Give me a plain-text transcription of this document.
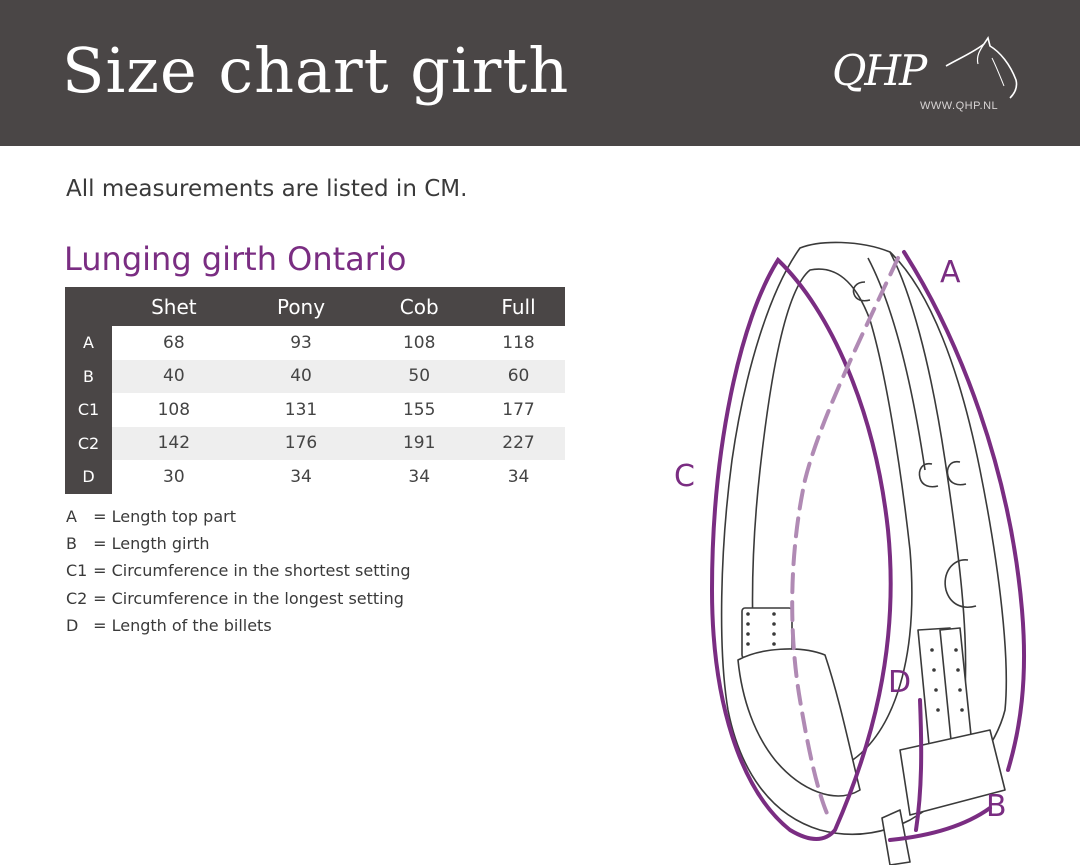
Size chart girth	QHP
WWW.QHP.NL
All measurements are listed in CM.
Lunging girth Ontario
	Shet	Pony	Cob	Full
A	68	93	108	118
B	40	40	50	60
C1	108	131	155	177
C2	142	176	191	227
D	30	34	34	34
A = Length top part
B = Length girth
C1 = Circumference in the shortest setting
C2 = Circumference in the longest setting
D = Length of the billets
A
C
D
B
